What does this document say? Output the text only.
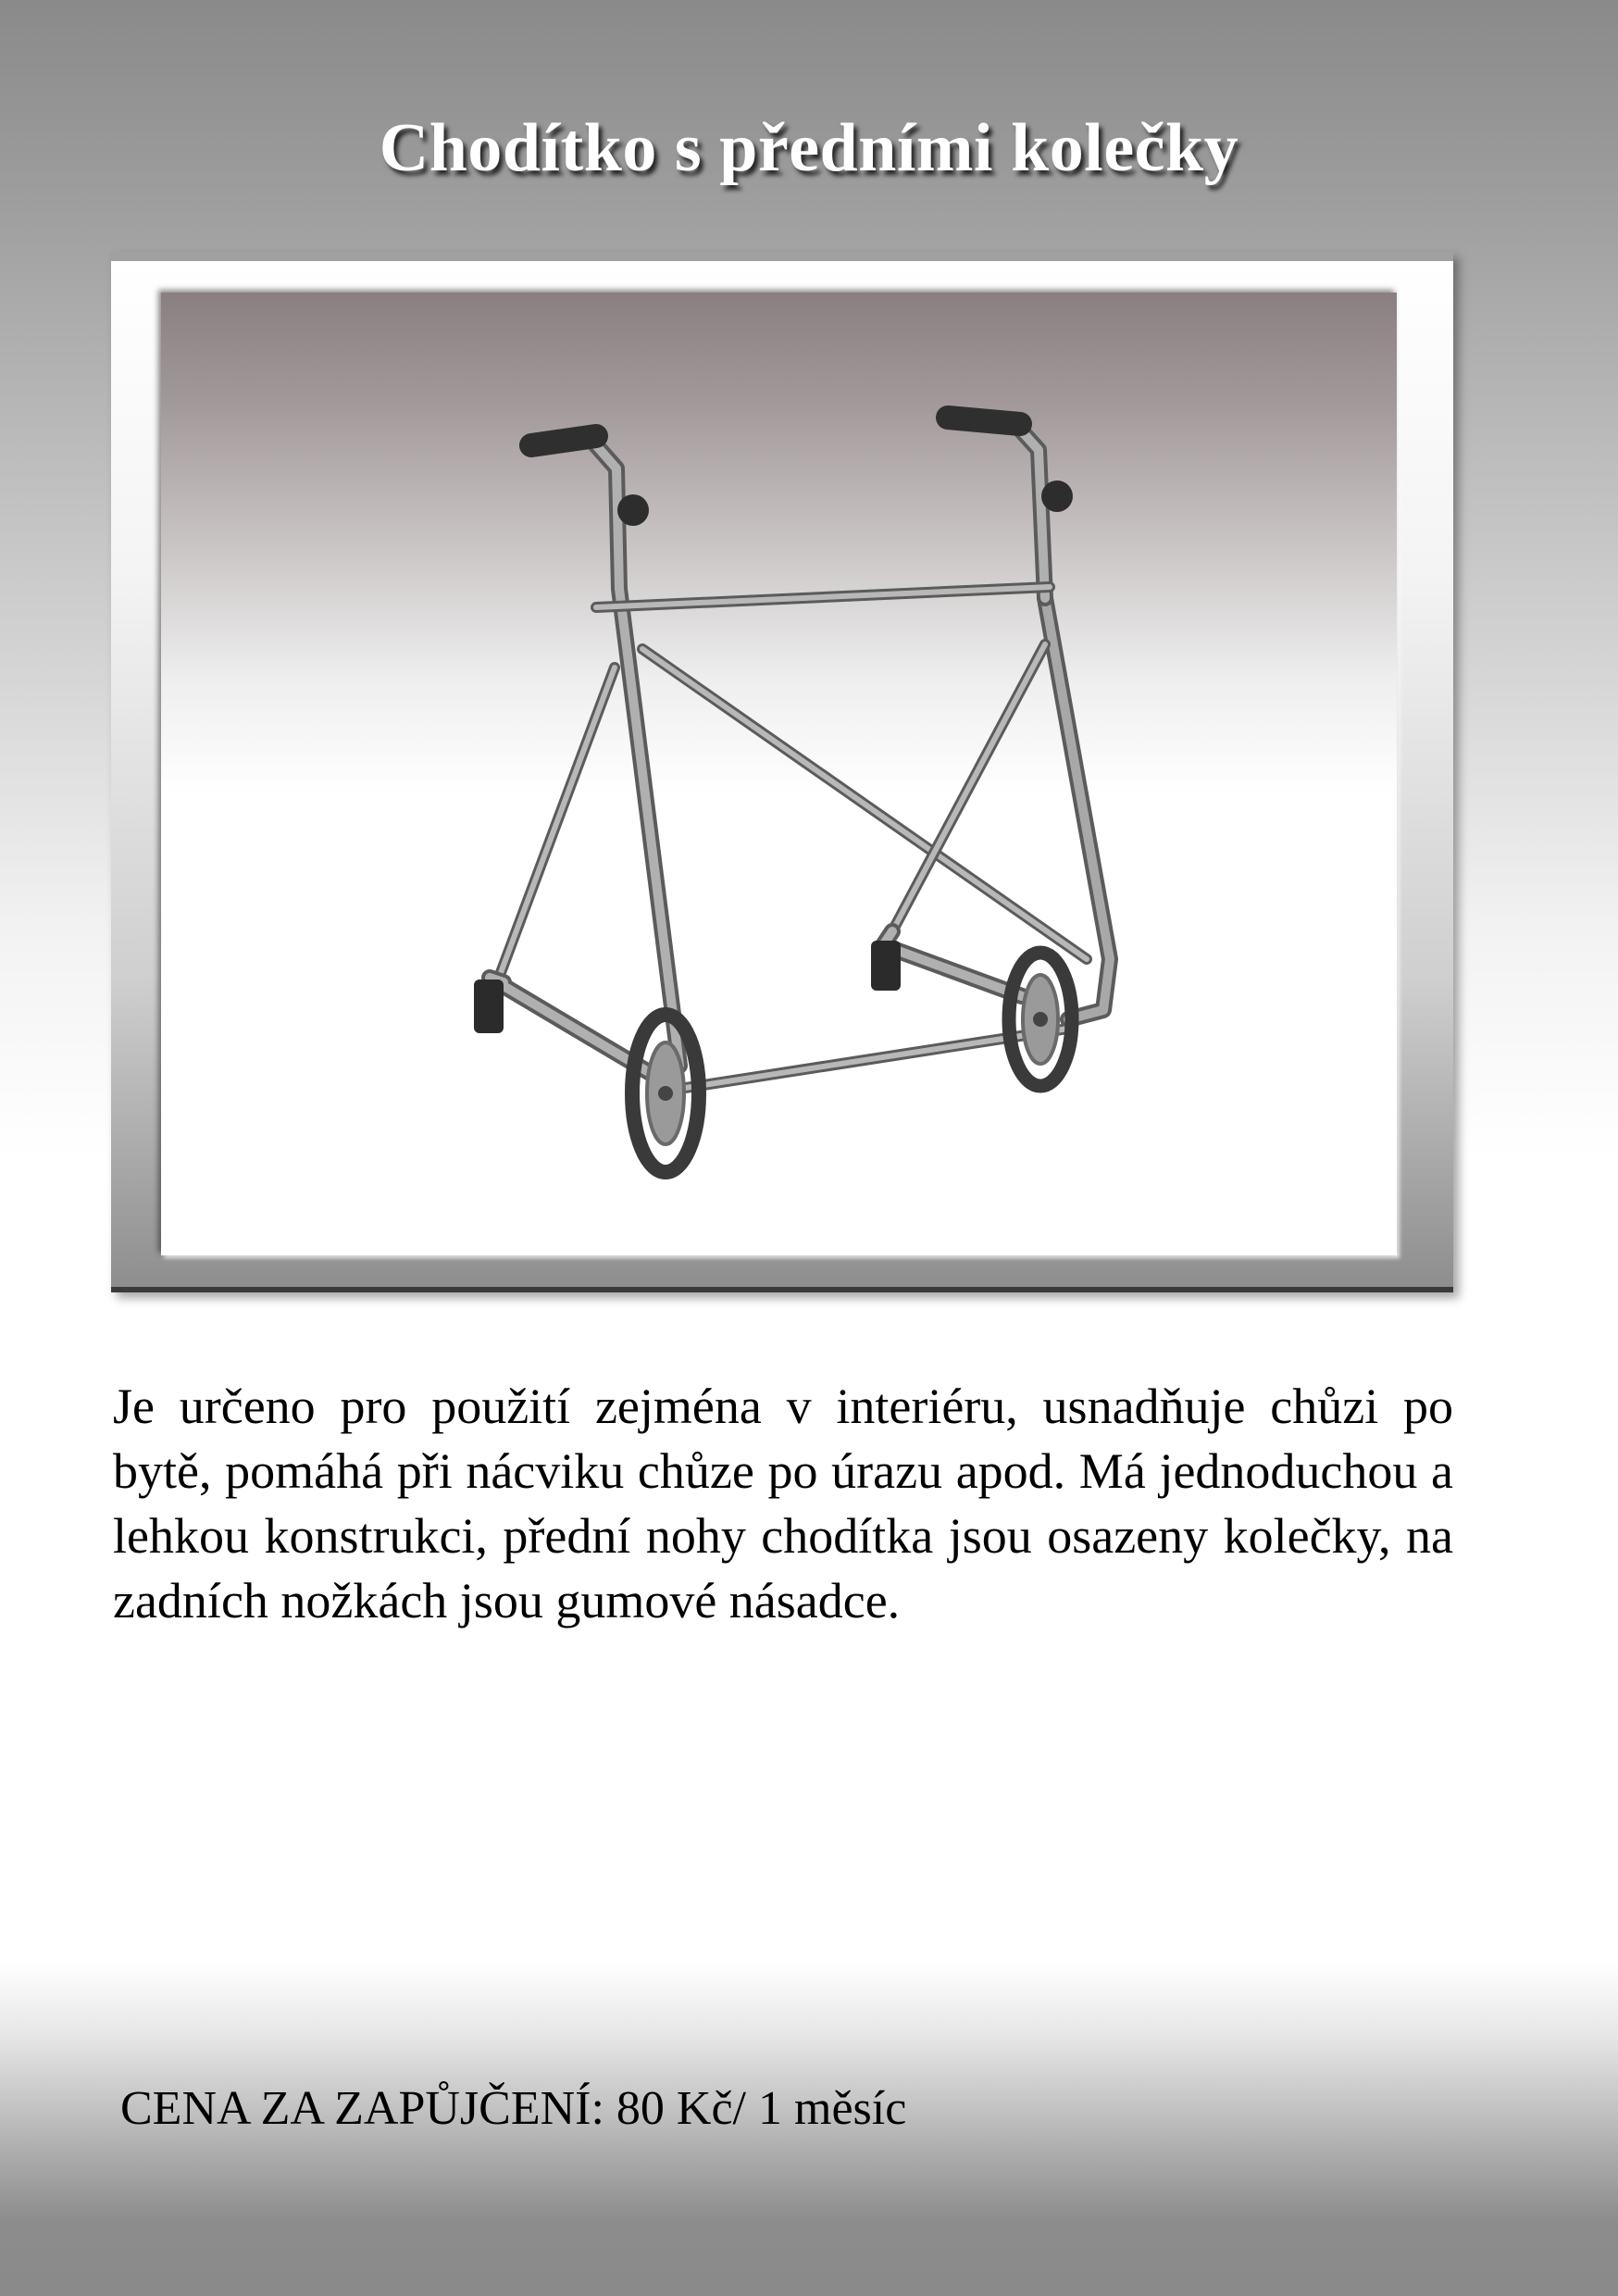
Chodítko s předními kolečky

Je určeno pro použití zejména v interiéru, usnadňuje chůzi po bytě, pomáhá při nácviku chůze po úrazu apod. Má jednoduchou a lehkou konstrukci, přední nohy chodítka jsou osazeny kolečky, na zadních nožkách jsou gumové násadce.

CENA ZA ZAPŮJČENÍ: 80 Kč/ 1 měsíc
